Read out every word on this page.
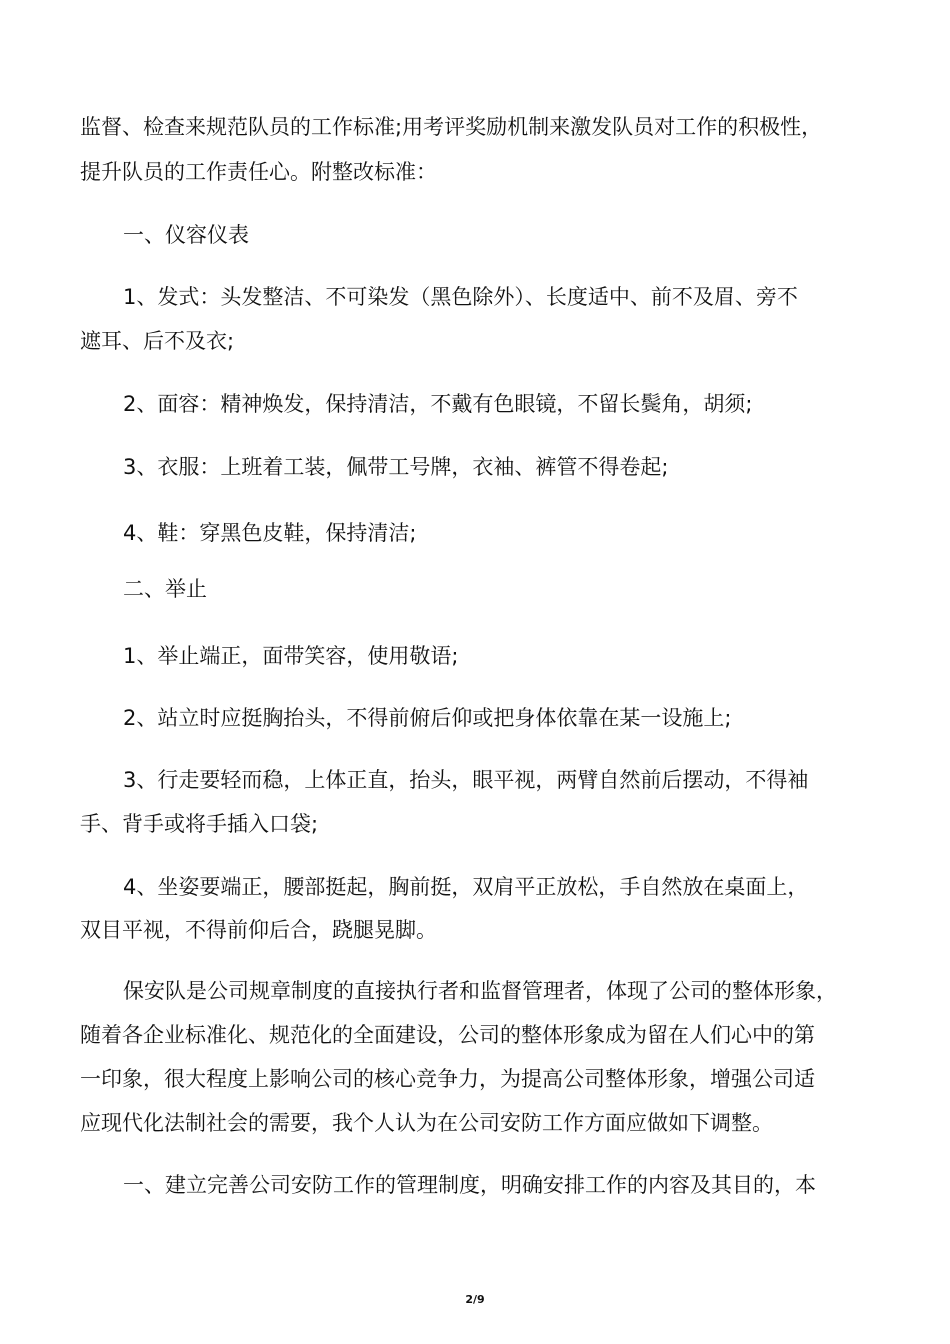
监督、检查来规范队员的工作标准;用考评奖励机制来激发队员对工作的积极性，

提升队员的工作责任心。附整改标准：

一、仪容仪表

1、发式：头发整洁、不可染发（黑色除外）、长度适中、前不及眉、旁不

遮耳、后不及衣;

2、面容：精神焕发，保持清洁，不戴有色眼镜，不留长鬓角，胡须;

3、衣服：上班着工装，佩带工号牌，衣袖、裤管不得卷起;

4、鞋：穿黑色皮鞋，保持清洁;

二、举止

1、举止端正，面带笑容，使用敬语;

2、站立时应挺胸抬头，不得前俯后仰或把身体依靠在某一设施上;

3、行走要轻而稳，上体正直，抬头，眼平视，两臂自然前后摆动，不得袖

手、背手或将手插入口袋;

4、坐姿要端正，腰部挺起，胸前挺，双肩平正放松，手自然放在桌面上，

双目平视，不得前仰后合，跷腿晃脚。

保安队是公司规章制度的直接执行者和监督管理者，体现了公司的整体形象，

随着各企业标准化、规范化的全面建设，公司的整体形象成为留在人们心中的第

一印象，很大程度上影响公司的核心竞争力，为提高公司整体形象，增强公司适

应现代化法制社会的需要，我个人认为在公司安防工作方面应做如下调整。

一、建立完善公司安防工作的管理制度，明确安排工作的内容及其目的，本

2/9
